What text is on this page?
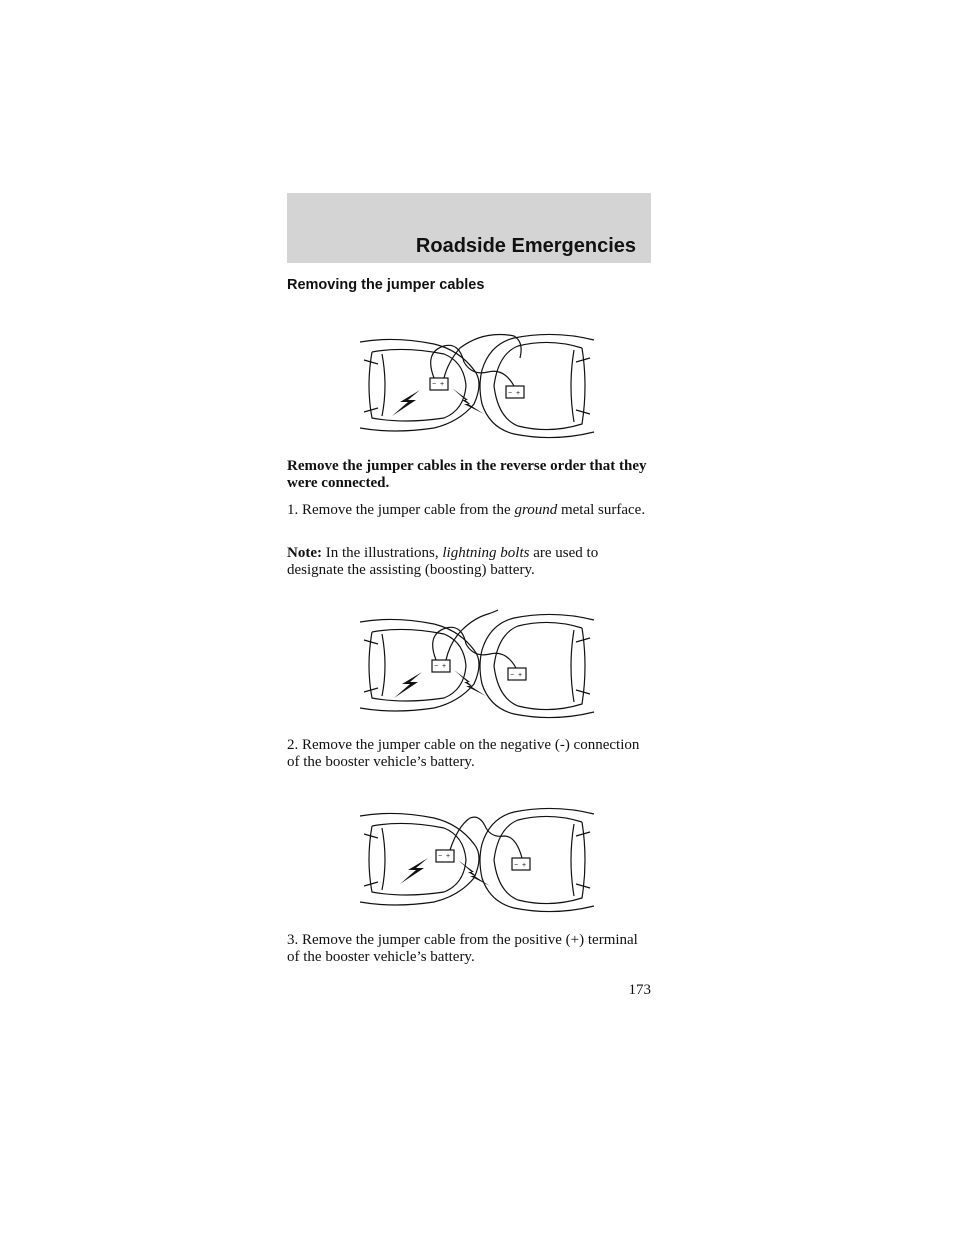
Roadside Emergencies
Removing the jumper cables
− +
− +
Remove the jumper cables in the reverse order that they were connected.
1. Remove the jumper cable from the ground metal surface.
Note: In the illustrations, lightning bolts are used to designate the assisting (boosting) battery.
− +
− +
2. Remove the jumper cable on the negative (-) connection of the booster vehicle’s battery.
− +
− +
3. Remove the jumper cable from the positive (+) terminal of the booster vehicle’s battery.
173
